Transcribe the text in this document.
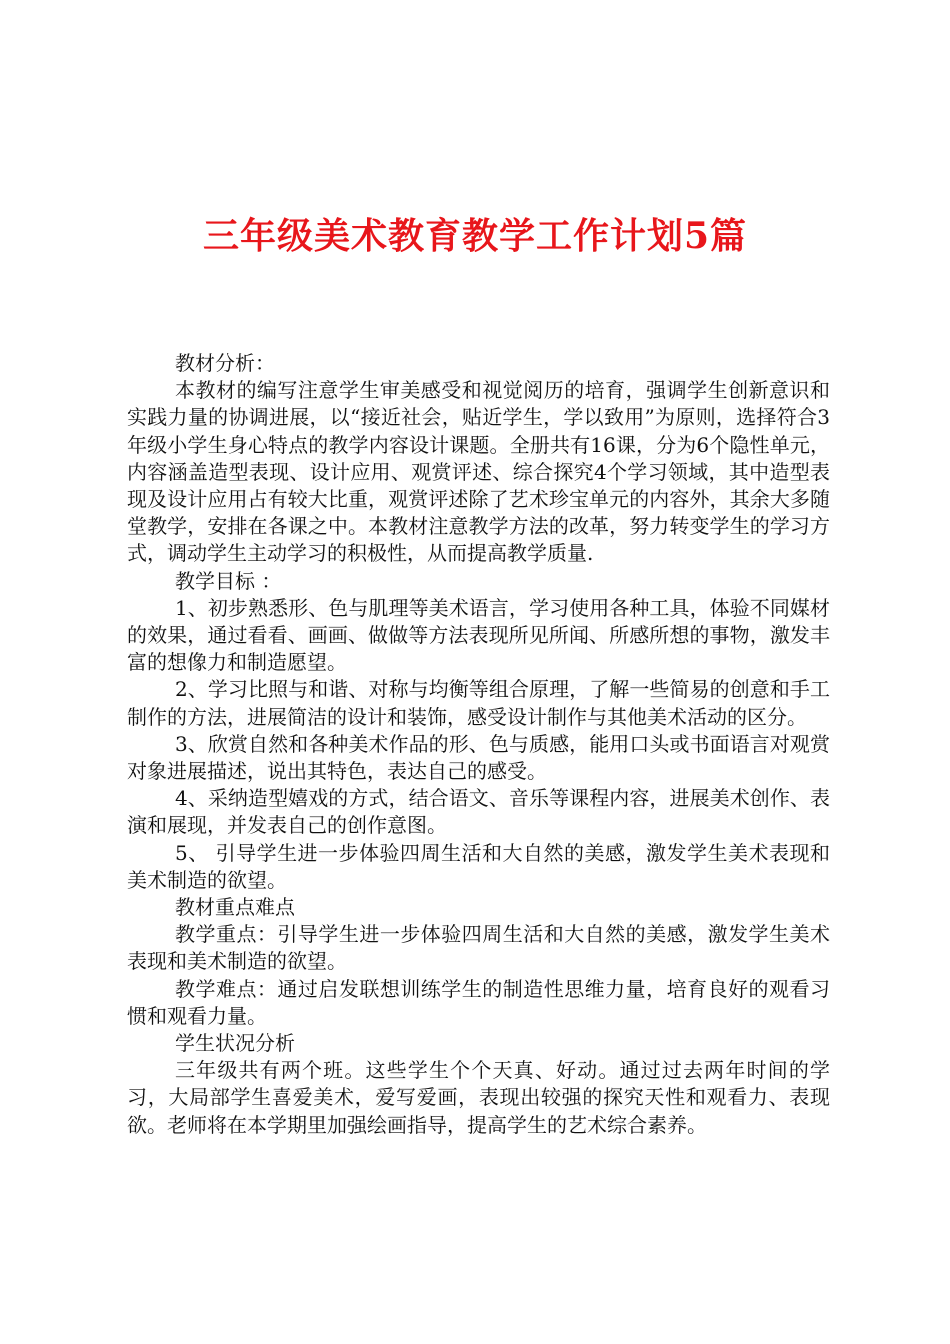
三年级美术教育教学工作计划5篇

教材分析：

本教材的编写注意学生审美感受和视觉阅历的培育，强调学生创新意识和实践力量的协调进展，以“接近社会，贴近学生，学以致用”为原则，选择符合3年级小学生身心特点的教学内容设计课题。全册共有16课，分为6个隐性单元，内容涵盖造型表现、设计应用、观赏评述、综合探究4个学习领域，其中造型表现及设计应用占有较大比重，观赏评述除了艺术珍宝单元的内容外，其余大多随堂教学，安排在各课之中。本教材注意教学方法的改革，努力转变学生的学习方式，调动学生主动学习的积极性，从而提高教学质量.

教学目标 ：

1、初步熟悉形、色与肌理等美术语言，学习使用各种工具，体验不同媒材的效果，通过看看、画画、做做等方法表现所见所闻、所感所想的事物，激发丰富的想像力和制造愿望。

2、学习比照与和谐、对称与均衡等组合原理，了解一些简易的创意和手工制作的方法，进展简洁的设计和装饰，感受设计制作与其他美术活动的区分。

3、欣赏自然和各种美术作品的形、色与质感，能用口头或书面语言对观赏对象进展描述，说出其特色，表达自己的感受。

4、采纳造型嬉戏的方式，结合语文、音乐等课程内容，进展美术创作、表演和展现，并发表自己的创作意图。

5、 引导学生进一步体验四周生活和大自然的美感，激发学生美术表现和美术制造的欲望。

教材重点难点

教学重点：引导学生进一步体验四周生活和大自然的美感，激发学生美术表现和美术制造的欲望。

教学难点：通过启发联想训练学生的制造性思维力量，培育良好的观看习惯和观看力量。

学生状况分析

三年级共有两个班。这些学生个个天真、好动。通过过去两年时间的学习，大局部学生喜爱美术，爱写爱画，表现出较强的探究天性和观看力、表现欲。老师将在本学期里加强绘画指导，提高学生的艺术综合素养。
